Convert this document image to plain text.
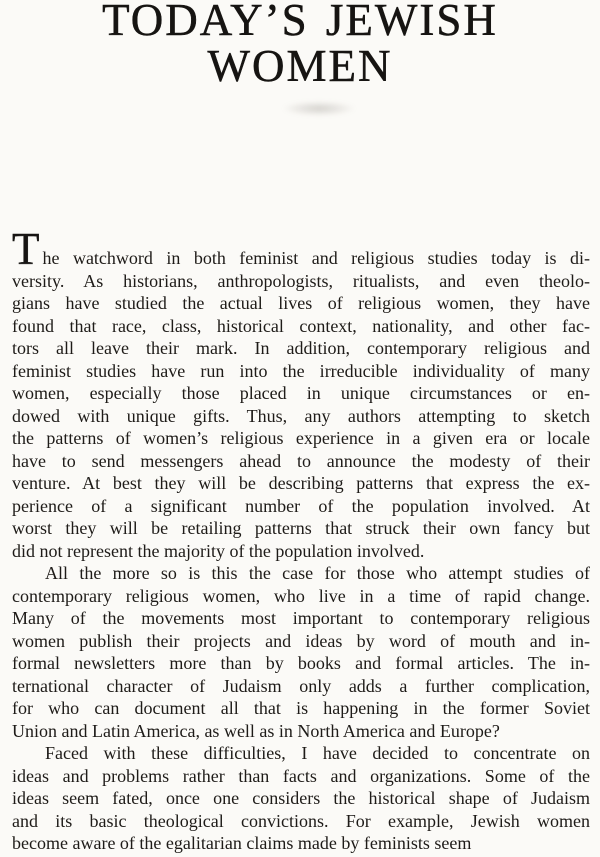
TODAY’S JEWISH
WOMEN
The watchword in both feminist and religious studies today is di-
versity. As historians, anthropologists, ritualists, and even theolo-
gians have studied the actual lives of religious women, they have
found that race, class, historical context, nationality, and other fac-
tors all leave their mark. In addition, contemporary religious and
feminist studies have run into the irreducible individuality of many
women, especially those placed in unique circumstances or en-
dowed with unique gifts. Thus, any authors attempting to sketch
the patterns of women’s religious experience in a given era or locale
have to send messengers ahead to announce the modesty of their
venture. At best they will be describing patterns that express the ex-
perience of a significant number of the population involved. At
worst they will be retailing patterns that struck their own fancy but
did not represent the majority of the population involved.
All the more so is this the case for those who attempt studies of
contemporary religious women, who live in a time of rapid change.
Many of the movements most important to contemporary religious
women publish their projects and ideas by word of mouth and in-
formal newsletters more than by books and formal articles. The in-
ternational character of Judaism only adds a further complication,
for who can document all that is happening in the former Soviet
Union and Latin America, as well as in North America and Europe?
Faced with these difficulties, I have decided to concentrate on
ideas and problems rather than facts and organizations. Some of the
ideas seem fated, once one considers the historical shape of Judaism
and its basic theological convictions. For example, Jewish women
become aware of the egalitarian claims made by feminists seem
